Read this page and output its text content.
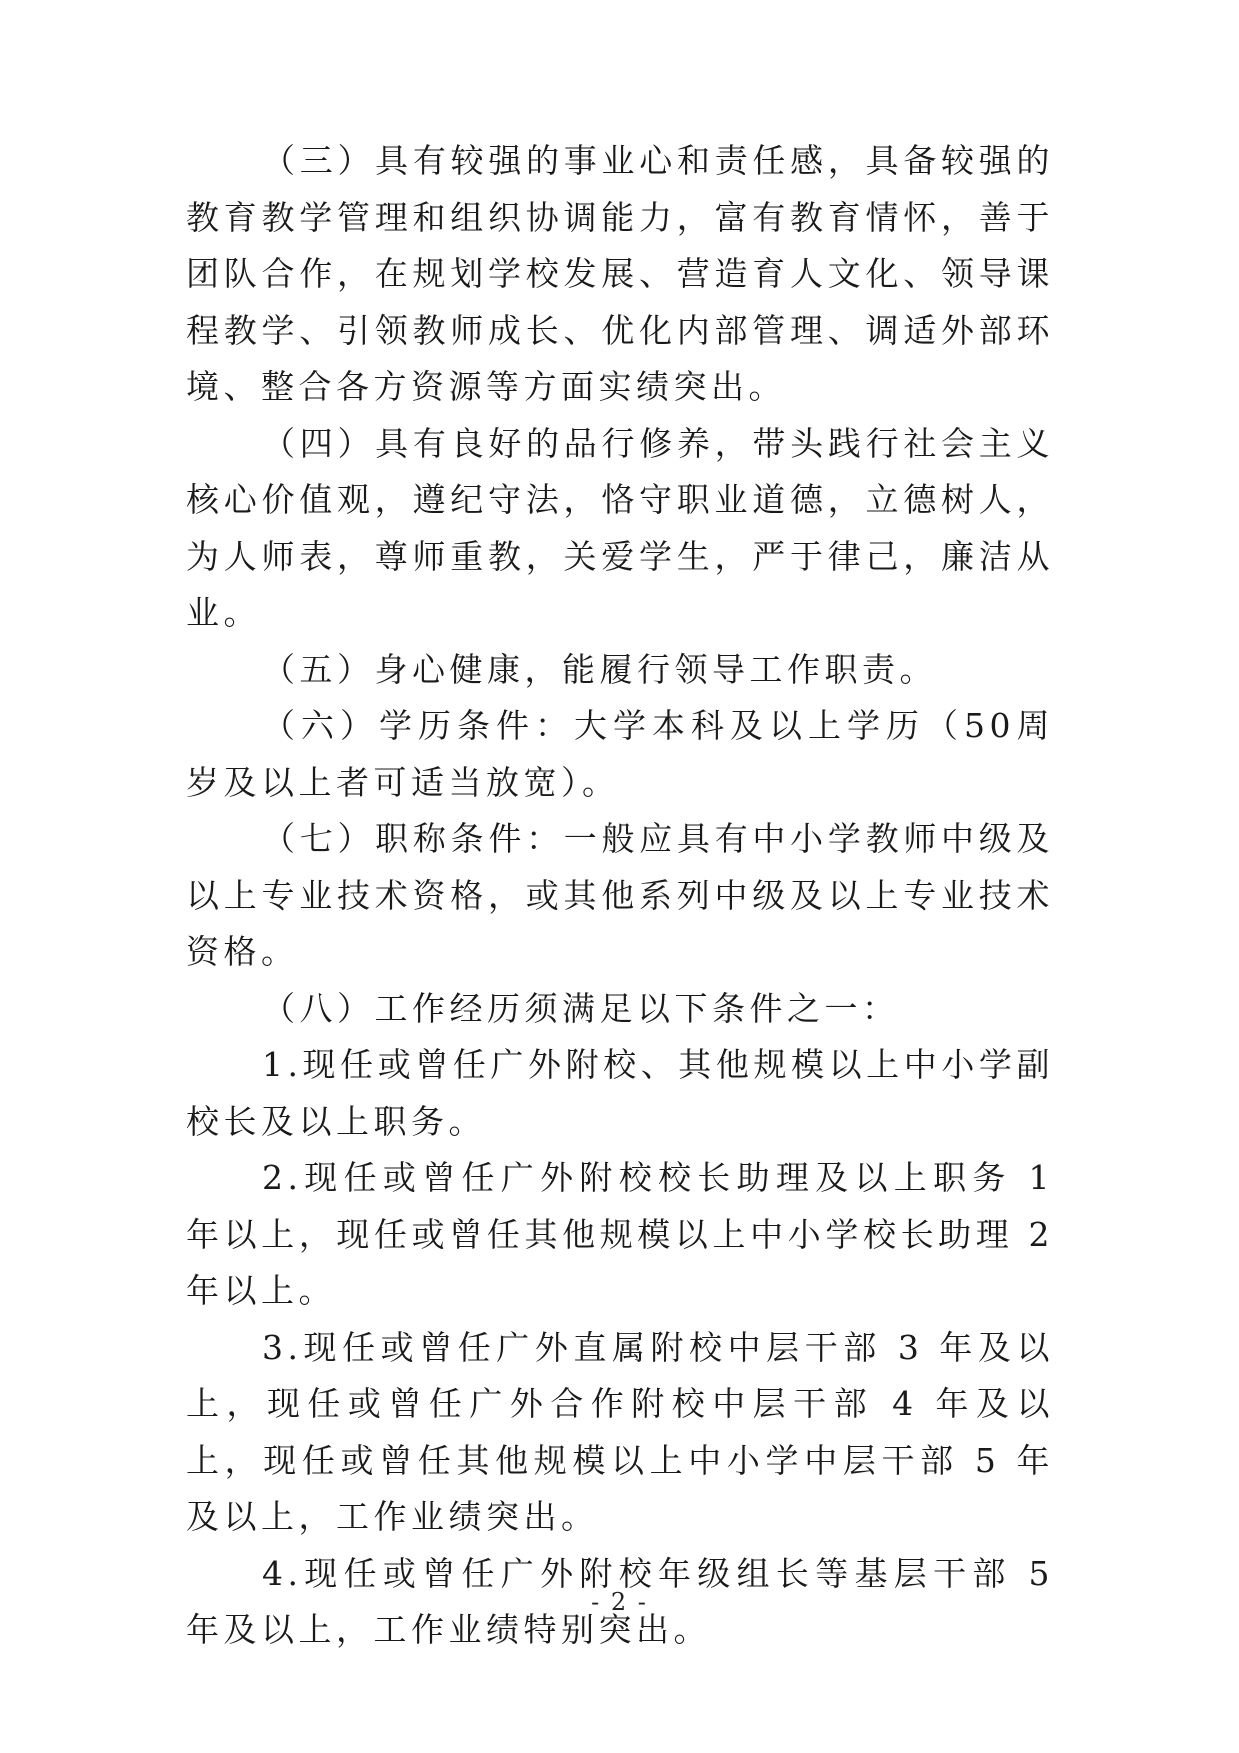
（三）具有较强的事业心和责任感，具备较强的教育教学管理和组织协调能力，富有教育情怀，善于团队合作，在规划学校发展、营造育人文化、领导课程教学、引领教师成长、优化内部管理、调适外部环境、整合各方资源等方面实绩突出。

（四）具有良好的品行修养，带头践行社会主义核心价值观，遵纪守法，恪守职业道德，立德树人，为人师表，尊师重教，关爱学生，严于律己，廉洁从业。

（五）身心健康，能履行领导工作职责。

（六）学历条件：大学本科及以上学历（50周岁及以上者可适当放宽）。

（七）职称条件：一般应具有中小学教师中级及以上专业技术资格，或其他系列中级及以上专业技术资格。

（八）工作经历须满足以下条件之一：

1.现任或曾任广外附校、其他规模以上中小学副校长及以上职务。

2.现任或曾任广外附校校长助理及以上职务 1 年以上，现任或曾任其他规模以上中小学校长助理 2 年以上。

3.现任或曾任广外直属附校中层干部 3 年及以上，现任或曾任广外合作附校中层干部 4 年及以上，现任或曾任其他规模以上中小学中层干部 5 年及以上，工作业绩突出。

4.现任或曾任广外附校年级组长等基层干部 5 年及以上，工作业绩特别突出。

- 2 -
